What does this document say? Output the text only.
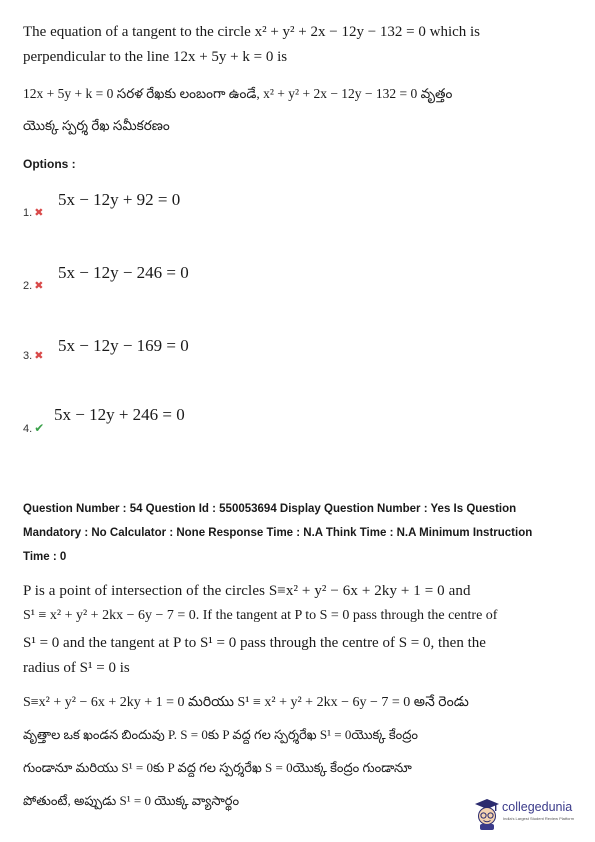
The equation of a tangent to the circle x² + y² + 2x − 12y − 132 = 0 which is
perpendicular to the line 12x + 5y + k = 0 is
12x + 5y + k = 0 సరళ రేఖకు లంబంగా ఉండే, x² + y² + 2x − 12y − 132 = 0 వృత్తం
యొక్క స్పర్శ రేఖ సమీకరణం
Options :
5x − 12y + 92 = 0
1. ✖
5x − 12y − 246 = 0
2. ✖
5x − 12y − 169 = 0
3. ✖
5x − 12y + 246 = 0
4. ✔
Question Number : 54 Question Id : 550053694 Display Question Number : Yes Is Question
Mandatory : No Calculator : None Response Time : N.A Think Time : N.A Minimum Instruction
Time : 0
P is a point of intersection of the circles S≡x² + y² − 6x + 2ky + 1 = 0 and
S¹ ≡ x² + y² + 2kx − 6y − 7 = 0. If the tangent at P to S = 0 pass through the centre of
S¹ = 0 and the tangent at P to S¹ = 0 pass through the centre of S = 0, then the
radius of S¹ = 0 is
S≡x² + y² − 6x + 2ky + 1 = 0 మరియు S¹ ≡ x² + y² + 2kx − 6y − 7 = 0 అనే రెండు
వృత్తాల ఒక ఖండన బిందువు P. S = 0కు P వద్ద గల స్పర్శరేఖ S¹ = 0యొక్క కేంద్రం
గుండానూ మరియు S¹ = 0కు P వద్ద గల స్పర్శరేఖ S = 0యొక్క కేంద్రం గుండానూ
పోతుంటే, అప్పుడు S¹ = 0 యొక్క వ్యాసార్థం	collegedunia
India's Largest Student Review Platform
